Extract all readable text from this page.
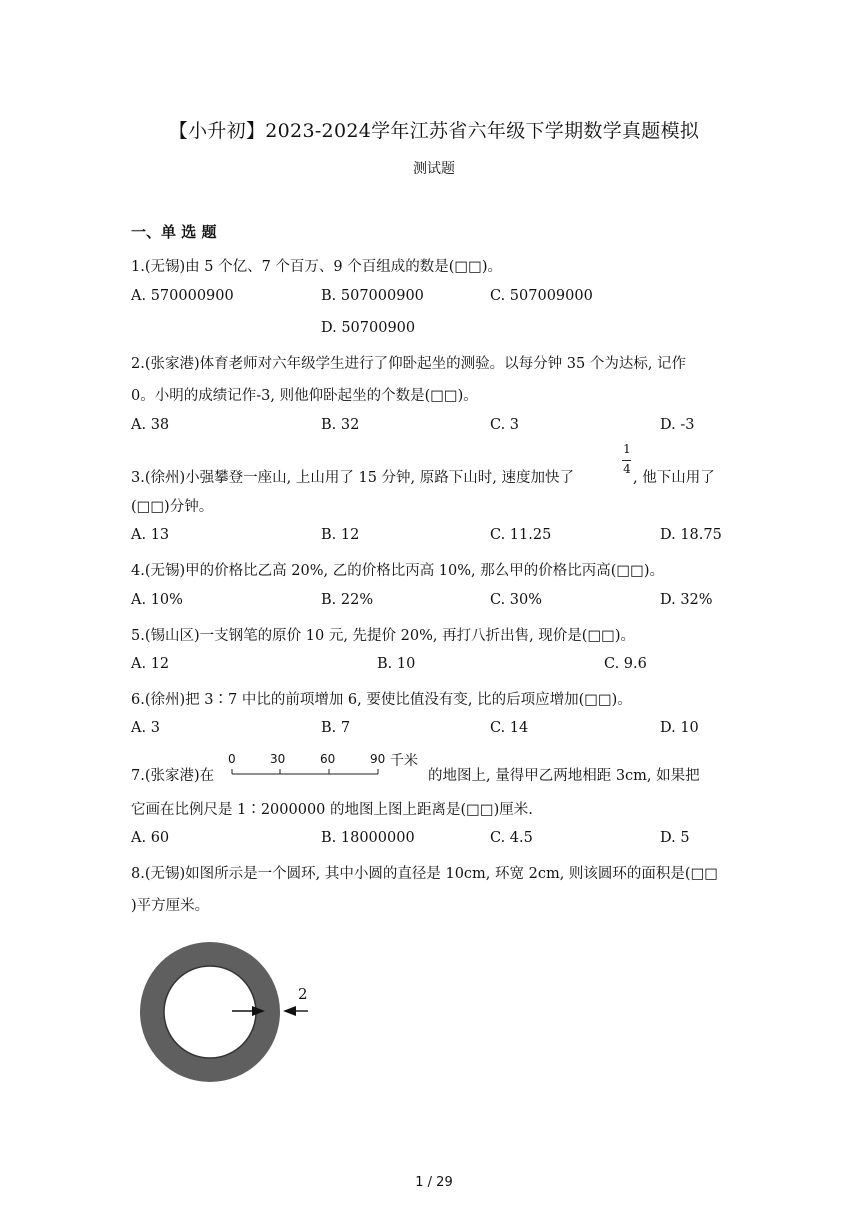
【小升初】2023-2024学年江苏省六年级下学期数学真题模拟
测试题
一、单 选 题
1.(无锡)由 5 个亿、7 个百万、9 个百组成的数是(□□)。
A. 570000900	B. 507000900	C. 507009000
D. 50700900
2.(张家港)体育老师对六年级学生进行了仰卧起坐的测验。以每分钟 35 个为达标, 记作
0。小明的成绩记作-3, 则他仰卧起坐的个数是(□□)。
A. 38	B. 32	C. 3	D. -3
3.(徐州)小强攀登一座山, 上山用了 15 分钟, 原路下山时, 速度加快了
1
4
, 他下山用了
(□□)分钟。
A. 13	B. 12	C. 11.25	D. 18.75
4.(无锡)甲的价格比乙高 20%, 乙的价格比丙高 10%, 那么甲的价格比丙高(□□)。
A. 10%	B. 22%	C. 30%	D. 32%
5.(锡山区)一支钢笔的原价 10 元, 先提价 20%, 再打八折出售, 现价是(□□)。
A. 12	B. 10	C. 9.6
6.(徐州)把 3∶7 中比的前项增加 6, 要使比值没有变, 比的后项应增加(□□)。
A. 3	B. 7	C. 14	D. 10
7.(张家港)在
0	30	60	90 千米
的地图上, 量得甲乙两地相距 3cm, 如果把
它画在比例尺是 1∶2000000 的地图上图上距离是(□□)厘米.
A. 60	B. 18000000	C. 4.5	D. 5
8.(无锡)如图所示是一个圆环, 其中小圆的直径是 10cm, 环宽 2cm, 则该圆环的面积是(□□
)平方厘米。
2
1 / 29
